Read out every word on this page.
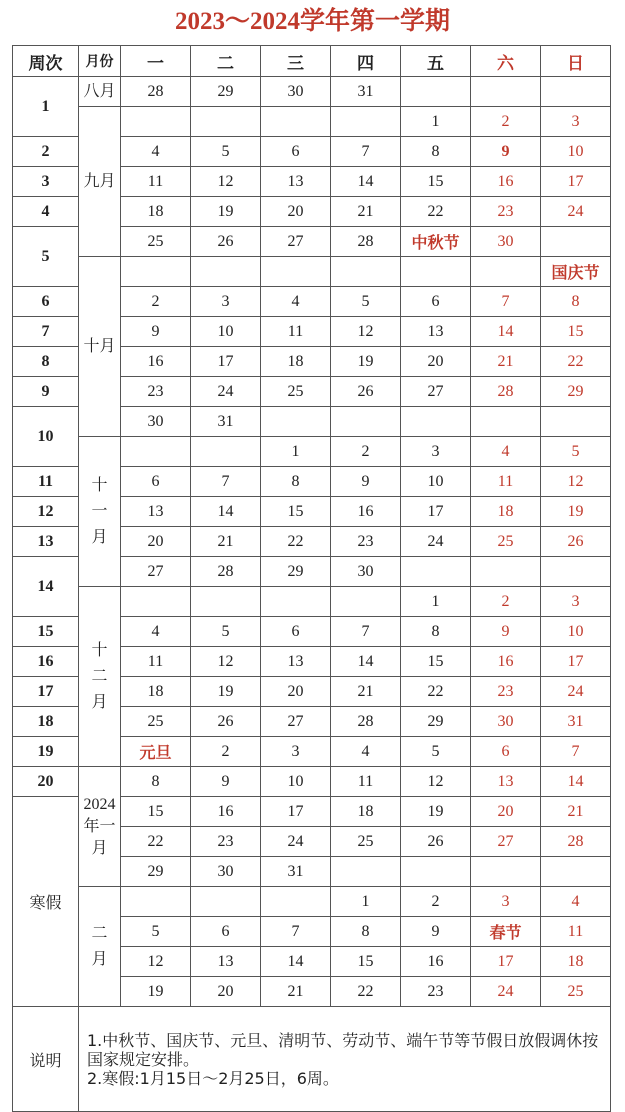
2023～2024学年第一学期
周次	月份	一	二	三	四	五	六	日
1	八月	28	29	30	31			
	九月					1	2	3
2		4	5	6	7	8	9	10
3		11	12	13	14	15	16	17
4		18	19	20	21	22	23	24
5		25	26	27	28	中秋节	30	
	十月							国庆节
6		2	3	4	5	6	7	8
7		9	10	11	12	13	14	15
8		16	17	18	19	20	21	22
9		23	24	25	26	27	28	29
10		30	31					
	十一月			1	2	3	4	5
11		6	7	8	9	10	11	12
12		13	14	15	16	17	18	19
13		20	21	22	23	24	25	26
14		27	28	29	30			
	十二月					1	2	3
15		4	5	6	7	8	9	10
16		11	12	13	14	15	16	17
17		18	19	20	21	22	23	24
18		25	26	27	28	29	30	31
19		元旦	2	3	4	5	6	7
20	2024年一月	8	9	10	11	12	13	14
寒假		15	16	17	18	19	20	21
		22	23	24	25	26	27	28
		29	30	31				
	二月				1	2	3	4
		5	6	7	8	9	春节	11
		12	13	14	15	16	17	18
		19	20	21	22	23	24	25
说明	1.中秋节、国庆节、元旦、清明节、劳动节、端午节等节假日放假调休按国家规定安排。
2.寒假:1月15日～2月25日，6周。							
